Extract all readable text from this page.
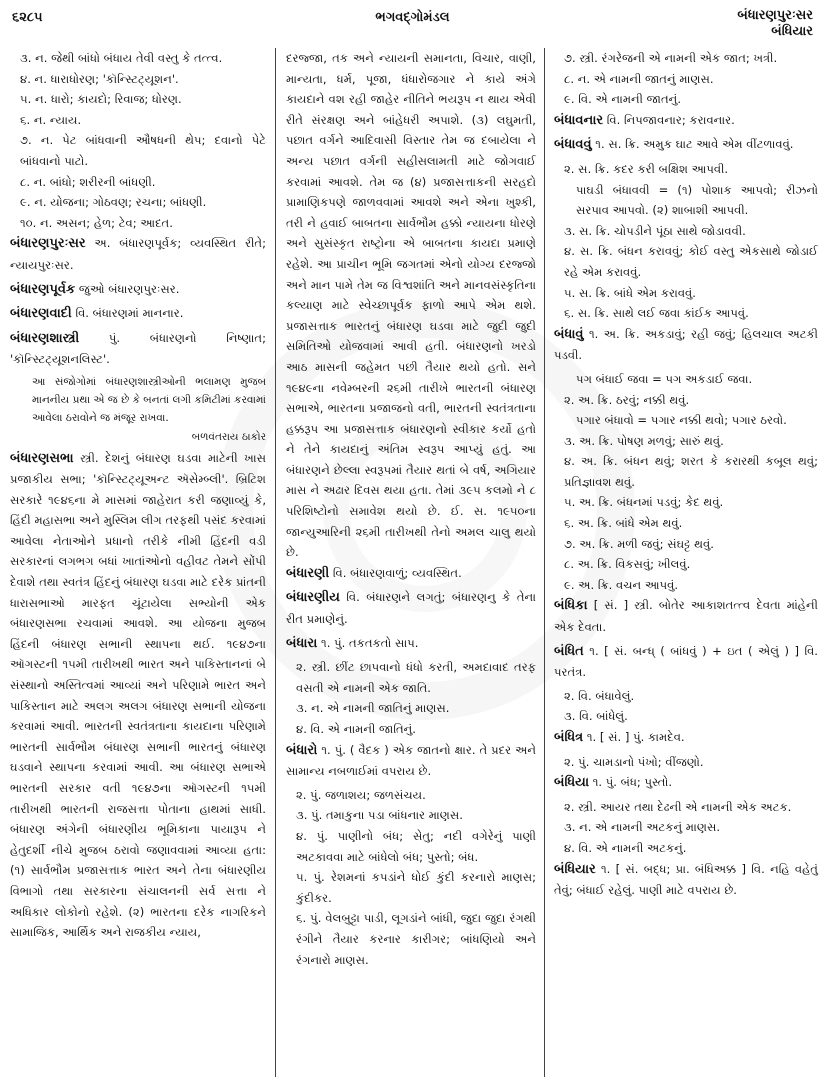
૬૨૮૫	ભગવદ્ગોમંડલ	બંધારણપુરઃસર
બંધિયાર

૩. ન. જેથી બાંધો બંધાય તેવી વસ્તુ કે તત્ત્વ.

૪. ન. ધારાધોરણ; 'કૉન્સ્ટિટ્યૂશન'.

૫. ન. ધારો; કાયદો; રિવાજ; ધોરણ.

૬. ન. ન્યાય.

૭. ન. પેટ બાંધવાની ઔષધની થેપ; દવાનો પેટે બાંધવાનો પાટો.

૮. ન. બાંધો; શરીરની બાંધણી.

૯. ન. યોજના; ગોઠવણ; રચના; બાંધણી.

૧૦. ન. અસન; હેળ; ટેવ; આદત.

બંધારણપુરઃસર અ. બંધારણપૂર્વક; વ્યવસ્થિત રીતે; ન્યાયપુરઃસર.

બંધારણપૂર્વક જુઓ બંધારણપુરઃસર.

બંધારણવાદી વિ. બંધારણમાં માનનાર.

બંધારણશાસ્ત્રી પું. બંધારણનો નિષ્ણાત; 'કૉન્સ્ટિટ્યૂશનલિસ્ટ'.

આ સંજોગોમાં બંધારણશાસ્ત્રીઓની ભલામણ મુજબ માનનીય પ્રથા એ જ છે કે બનતાં લગી કમિટીમાં કરવામાં આવેલા ઠરાવોને જ મંજૂર રાખવા.

બળવંતરાય ઠાકોર

બંધારણસભા સ્ત્રી. દેશનું બંધારણ ઘડવા માટેની ખાસ પ્રજાકીય સભા; 'કૉન્સ્ટિટ્યૂઅન્ટ ઍસેમ્બ્લી'. બ્રિટિશ સરકારે ૧૯૪૬ના મે માસમાં જાહેરાત કરી જણાવ્યું કે, હિંદી મહાસભા અને મુસ્લિમ લીગ તરફથી પસંદ કરવામાં આવેલા નેતાઓને પ્રધાનો તરીકે નીમી હિંદની વડી સરકારનાં લગભગ બધાં ખાતાંઓનો વહીવટ તેમને સોંપી દેવાશે તથા સ્વતંત્ર હિંદનું બંધારણ ઘડવા માટે દરેક પ્રાંતની ધારાસભાઓ મારફત ચૂંટાયેલા સભ્યોની એક બંધારણસભા રચવામાં આવશે. આ યોજના મુજબ હિંદની બંધારણ સભાની સ્થાપના થઈ. ૧૯૪૭ના ઑગસ્ટની ૧૫મી તારીખથી ભારત અને પાકિસ્તાનનાં બે સંસ્થાનો અસ્તિત્વમાં આવ્યાં અને પરિણામે ભારત અને પાકિસ્તાન માટે અલગ અલગ બંધારણ સભાની યોજના કરવામાં આવી. ભારતની સ્વતંત્રતાના કાયદાના પરિણામે ભારતની સાર્વભૌમ બંધારણ સભાની ભારતનું બંધારણ ઘડવાને સ્થાપના કરવામાં આવી. આ બંધારણ સભાએ ભારતની સરકાર વતી ૧૯૪૭ના ઑગસ્ટની ૧૫મી તારીખથી ભારતની રાજસત્તા પોતાના હાથમાં સાધી. બંધારણ અંગેની બંધારણીય ભૂમિકાના પાયારૂપ ને હેતુદર્શી નીચે મુજબ ઠરાવો જણાવવામાં આવ્યા હતા: (૧) સાર્વભૌમ પ્રજાસત્તાક ભારત અને તેના બંધારણીય વિભાગો તથા સરકારના સંચાલનની સર્વ સત્તા ને અધિકાર લોકોનો રહેશે. (૨) ભારતના દરેક નાગરિકને સામાજિક, આર્થિક અને રાજકીય ન્યાય,

દરજ્જા, તક અને ન્યાયની સમાનતા, વિચાર, વાણી, માન્યતા, ધર્મ, પૂજા, ધંધારોજગાર ને કાયે અંગે કાયદાને વશ રહી જાહેર નીતિને ભયરૂપ ન થાય એવી રીતે સંરક્ષણ અને બાંહેધરી અપાશે. (૩) લઘુમતી, પછાત વર્ગને આદિવાસી વિસ્તાર તેમ જ દબાયેલા ને અન્ય પછાત વર્ગની સહીસલામતી માટે જોગવાઈ કરવામાં આવશે. તેમ જ (૪) પ્રજાસત્તાકની સરહદો પ્રામાણિકપણે જાળવવામાં આવશે અને એના ખુશ્કી, તરી ને હવાઈ બાબતના સાર્વભૌમ હક્કો ન્યાયના ધોરણે અને સુસંસ્કૃત રાષ્ટ્રોના એ બાબતના કાયદા પ્રમાણે રહેશે. આ પ્રાચીન ભૂમિ જગતમાં એનો યોગ્ય દરજ્જો અને માન પામે તેમ જ વિશ્વશાંતિ અને માનવસંસ્કૃતિના કલ્યાણ માટે સ્વેચ્છાપૂર્વક ફાળો આપે એમ થશે. પ્રજાસત્તાક ભારતનું બંધારણ ઘડવા માટે જુદી જુદી સમિતિઓ યોજવામાં આવી હતી. બંધારણનો ખરડો આઠ માસની જહેમત પછી તૈયાર થયો હતો. સને ૧૯૪૯ના નવેમ્બરની ૨૬મી તારીખે ભારતની બંધારણ સભાએ, ભારતના પ્રજાજનો વતી, ભારતની સ્વતંત્રતાના હક્કરૂપ આ પ્રજાસત્તાક બંધારણનો સ્વીકાર કર્યો હતો ને તેને કાયદાનું અંતિમ સ્વરૂપ આપ્યું હતું. આ બંધારણને છેલ્લા સ્વરૂપમાં તૈયાર થતાં બે વર્ષ, અગિયાર માસ ને અઢાર દિવસ થયા હતા. તેમાં ૩૯૫ કલમો ને ૮ પરિશિષ્ટોનો સમાવેશ થયો છે. ઈ. સ. ૧૯૫૦ના જાન્યુઆરિની ૨૬મી તારીખથી તેનો અમલ ચાલુ થયો છે.

બંધારણી વિ. બંધારણવાળું; વ્યવસ્થિત.

બંધારણીય વિ. બંધારણને લગતું; બંધારણનુ કે તેના રીત પ્રમાણેનું.

બંધારા ૧. પું. તકતકતો સાપ.

૨. સ્ત્રી. છીંટ છાપવાનો ધંધો કરતી, અમદાવાદ તરફ વસતી એ નામની એક જાતિ.

૩. ન. એ નામની જાતિનું માણસ.

૪. વિ. એ નામની જાતિનું.

બંધારો ૧. પું. ( વૈદક ) એક જાતનો ક્ષાર. તે પ્રદર અને સામાન્ય નબળાઈમાં વપરાય છે.

૨. પું. જળાશય; જળસંચય.

૩. પું. તમાકુના પડા બાંધનાર માણસ.

૪. પું. પાણીનો બંધ; સેતુ; નદી વગેરેનું પાણી અટકાવવા માટે બાંધેલો બંધ; પુસ્તો; બંધ.

૫. પું. રેશમનાં કપડાંને ધોઈ કુંદી કરનારો માણસ; કુંદીકર.

૬. પું. વેલબુટ્ટા પાડી, લૂગડાંને બાંધી, જુદા જુદા રંગથી રંગીને તૈયાર કરનાર કારીગર; બાંધણિયો અને રંગનારો માણસ.

૭. સ્ત્રી. રંગરેજની એ નામની એક જાત; ખત્રી.

૮. ન. એ નામની જાતનું માણસ.

૯. વિ. એ નામની જાતનું.

બંધાવનાર વિ. નિપજાવનાર; કરાવનાર.

બંધાવવું ૧. સ. ક્રિ. અમુક ઘાટ આવે એમ વીંટળાવવું.

૨. સ. ક્રિ. કદર કરી બક્ષિશ આપવી.

પાઘડી બંધાવવી = (૧) પોશાક આપવો; રીઝનો સરપાવ આપવો. (૨) શાબાશી આપવી.

૩. સ. ક્રિ. ચોપડીને પૂંઠા સાથે જોડાવવી.

૪. સ. ક્રિ. બંધન કરાવવું; કોઈ વસ્તુ એકસાથે જોડાઈ રહે એમ કરાવવું.

૫. સ. ક્રિ. બાંધે એમ કરાવવું.

૬. સ. ક્રિ. સાથે લઈ જવા કાંઈક આપવું.

બંધાવું ૧. અ. ક્રિ. અકડાવું; રહી જવું; હિલચાલ અટકી પડવી.

પગ બંધાઈ જવા = પગ અકડાઈ જવા.

૨. અ. ક્રિ. ઠરવું; નક્કી થવું.

પગાર બંધાવો = પગાર નક્કી થવો; પગાર ઠરવો.

૩. અ. ક્રિ. પોષણ મળવું; સારું થવું.

૪. અ. ક્રિ. બંધન થવું; શરત કે કરારથી કબૂલ થવું; પ્રતિજ્ઞાવશ થવું.

૫. અ. ક્રિ. બંધનમાં પડવું; કેદ થવું.

૬. અ. ક્રિ. બાંધે એમ થવું.

૭. અ. ક્રિ. મળી જવું; સંઘટ્ટ થવું.

૮. અ. ક્રિ. વિકસવું; ખીલવું.

૯. અ. ક્રિ. વચન આપવું.

બંધિકા [ સં. ] સ્ત્રી. બોતેર આકાશતત્ત્વ દેવતા માંહેની એક દેવતા.

બંધિત ૧. [ સં. બન્ધ્ ( બાંધવું ) + ઇત ( એલું ) ] વિ. પરતંત્ર.

૨. વિ. બંધાવેલું.

૩. વિ. બાંધેલું.

બંધિત્ર ૧. [ સં. ] પું. કામદેવ.

૨. પું. ચામડાનો પંખો; વીંજણો.

બંધિયા ૧. પું. બંધ; પુસ્તો.

૨. સ્ત્રી. આયર તથા દેઢની એ નામની એક અટક.

૩. ન. એ નામની અટકનું માણસ.

૪. વિ. એ નામની અટકનું.

બંધિયાર ૧. [ સં. બદ્ધ; પ્રા. બંધિઅક્ક ] વિ. નહિ વહેતું તેવું; બંધાઈ રહેલું. પાણી માટે વપરાય છે.
